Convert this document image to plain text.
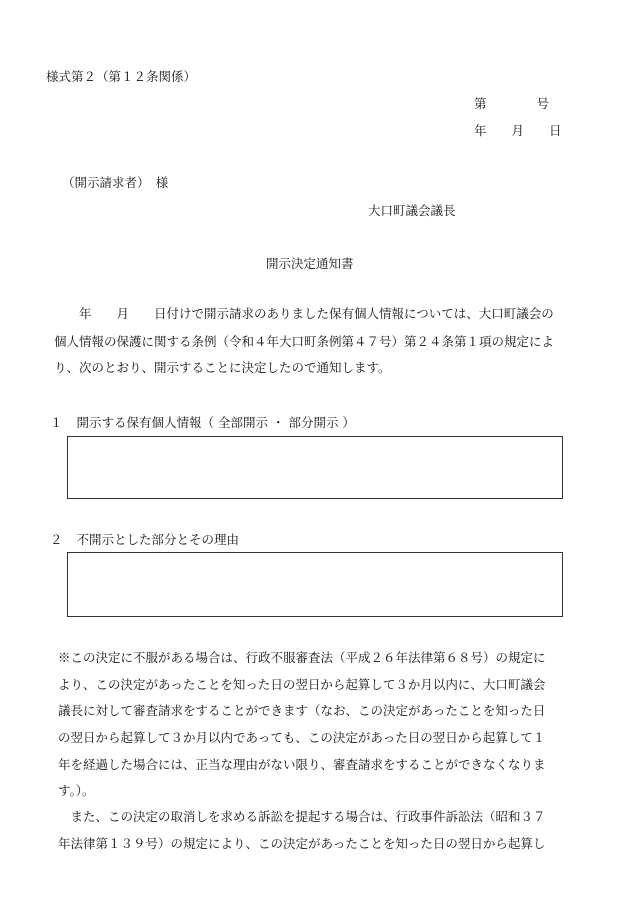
様式第２（第１２条関係）
第　　　　号
年　　月　　日
（開示請求者）　様
大口町議会議長
開示決定通知書
　　年　　月　　日付けで開示請求のありました保有個人情報については、大口町議会の
個人情報の保護に関する条例（令和４年大口町条例第４７号）第２４条第１項の規定によ
り、次のとおり、開示することに決定したので通知します。
１ 開示する保有個人情報（ 全部開示 ・ 部分開示 ）
２ 不開示とした部分とその理由
※この決定に不服がある場合は、行政不服審査法（平成２６年法律第６８号）の規定に
より、この決定があったことを知った日の翌日から起算して３か月以内に、大口町議会
議長に対して審査請求をすることができます（なお、この決定があったことを知った日
の翌日から起算して３か月以内であっても、この決定があった日の翌日から起算して１
年を経過した場合には、正当な理由がない限り、審査請求をすることができなくなりま
す。）。
　また、この決定の取消しを求める訴訟を提起する場合は、行政事件訴訟法（昭和３７
年法律第１３９号）の規定により、この決定があったことを知った日の翌日から起算し
